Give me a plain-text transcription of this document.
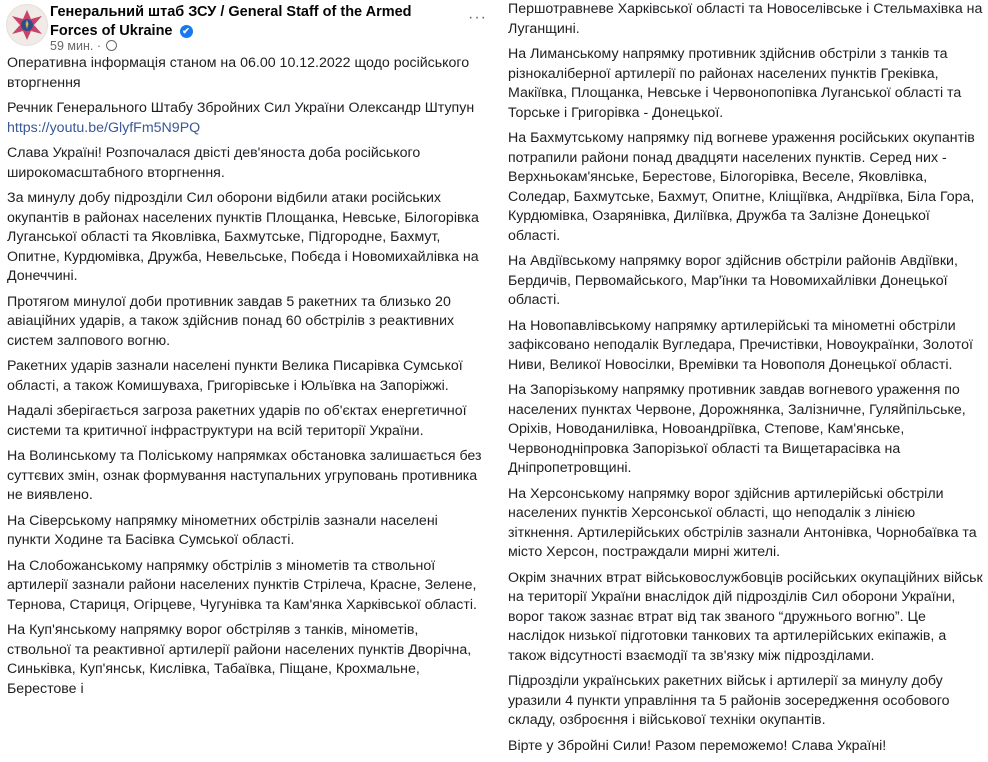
Генеральний штаб ЗСУ / General Staff of the Armed Forces of Ukraine ✔
59 мин. ·
···

Оперативна інформація станом на 06.00 10.12.2022 щодо російського вторгнення

Речник Генерального Штабу Збройних Сил України Олександр Штупун
https://youtu.be/GlyfFm5N9PQ

Слава Україні! Розпочалася двісті дев'яноста доба російського широкомасштабного вторгнення.

За минулу добу підрозділи Сил оборони відбили атаки російських окупантів в районах населених пунктів Площанка, Невське, Білогорівка Луганської області та Яковлівка, Бахмутське, Підгородне, Бахмут, Опитне, Курдюмівка, Дружба, Невельське, Побєда і Новомихайлівка на Донеччині.

Протягом минулої доби противник завдав 5 ракетних та близько 20 авіаційних ударів, а також здійснив понад 60 обстрілів з реактивних систем залпового вогню.

Ракетних ударів зазнали населені пункти Велика Писарівка Сумської області, а також Комишуваха, Григорівське і Юльївка на Запоріжжі.

Надалі зберігається загроза ракетних ударів по об'єктах енергетичної системи та критичної інфраструктури на всій території України.

На Волинському та Поліському напрямках обстановка залишається без суттєвих змін, ознак формування наступальних угруповань противника не виявлено.

На Сіверському напрямку мінометних обстрілів зазнали населені пункти Ходине та Басівка Сумської області.

На Слобожанському напрямку обстрілів з мінометів та ствольної артилерії зазнали райони населених пунктів Стрілеча, Красне, Зелене, Тернова, Стариця, Огірцеве, Чугунівка та Кам'янка Харківської області.

На Куп'янському напрямку ворог обстріляв з танків, мінометів, ствольної та реактивної артилерії райони населених пунктів Дворічна, Синьківка, Куп'янськ, Кислівка, Табаївка, Піщане, Крохмальне, Берестове і

Першотравневе Харківської області та Новоселівське і Стельмахівка на Луганщині.

На Лиманському напрямку противник здійснив обстріли з танків та різнокаліберної артилерії по районах населених пунктів Греківка, Макіївка, Площанка, Невське і Червонопопівка Луганської області та Торське і Григорівка - Донецької.

На Бахмутському напрямку під вогневе ураження російських окупантів потрапили райони понад двадцяти населених пунктів. Серед них - Верхньокам'янське, Берестове, Білогорівка, Веселе, Яковлівка, Соледар, Бахмутське, Бахмут, Опитне, Кліщіївка, Андріївка, Біла Гора, Курдюмівка, Озарянівка, Диліївка, Дружба та Залізне Донецької області.

На Авдіївському напрямку ворог здійснив обстріли районів Авдіївки, Бердичів, Первомайського, Мар'їнки та Новомихайлівки Донецької області.

На Новопавлівському напрямку артилерійські та мінометні обстріли зафіксовано неподалік Вугледара, Пречистівки, Новоукраїнки, Золотої Ниви, Великої Новосілки, Времівки та Новополя Донецької області.

На Запорізькому напрямку противник завдав вогневого ураження по населених пунктах Червоне, Дорожнянка, Залізничне, Гуляйпільське, Оріхів, Новоданилівка, Новоандріївка, Степове, Кам'янське, Червонодніпровка Запорізької області та Вищетарасівка на Дніпропетровщині.

На Херсонському напрямку ворог здійснив артилерійські обстріли населених пунктів Херсонської області, що неподалік з лінією зіткнення. Артилерійських обстрілів зазнали Антонівка, Чорнобаївка та місто Херсон, постраждали мирні жителі.

Окрім значних втрат військовослужбовців російських окупаційних військ на території України внаслідок дій підрозділів Сил оборони України, ворог також зазнає втрат від так званого “дружнього вогню”. Це наслідок низької підготовки танкових та артилерійських екіпажів, а також відсутності взаємодії та зв'язку між підрозділами.

Підрозділи українських ракетних військ і артилерії за минулу добу уразили 4 пункти управління та 5 районів зосередження особового складу, озброєння і військової техніки окупантів.

Вірте у Збройні Сили! Разом переможемо! Слава Україні!
